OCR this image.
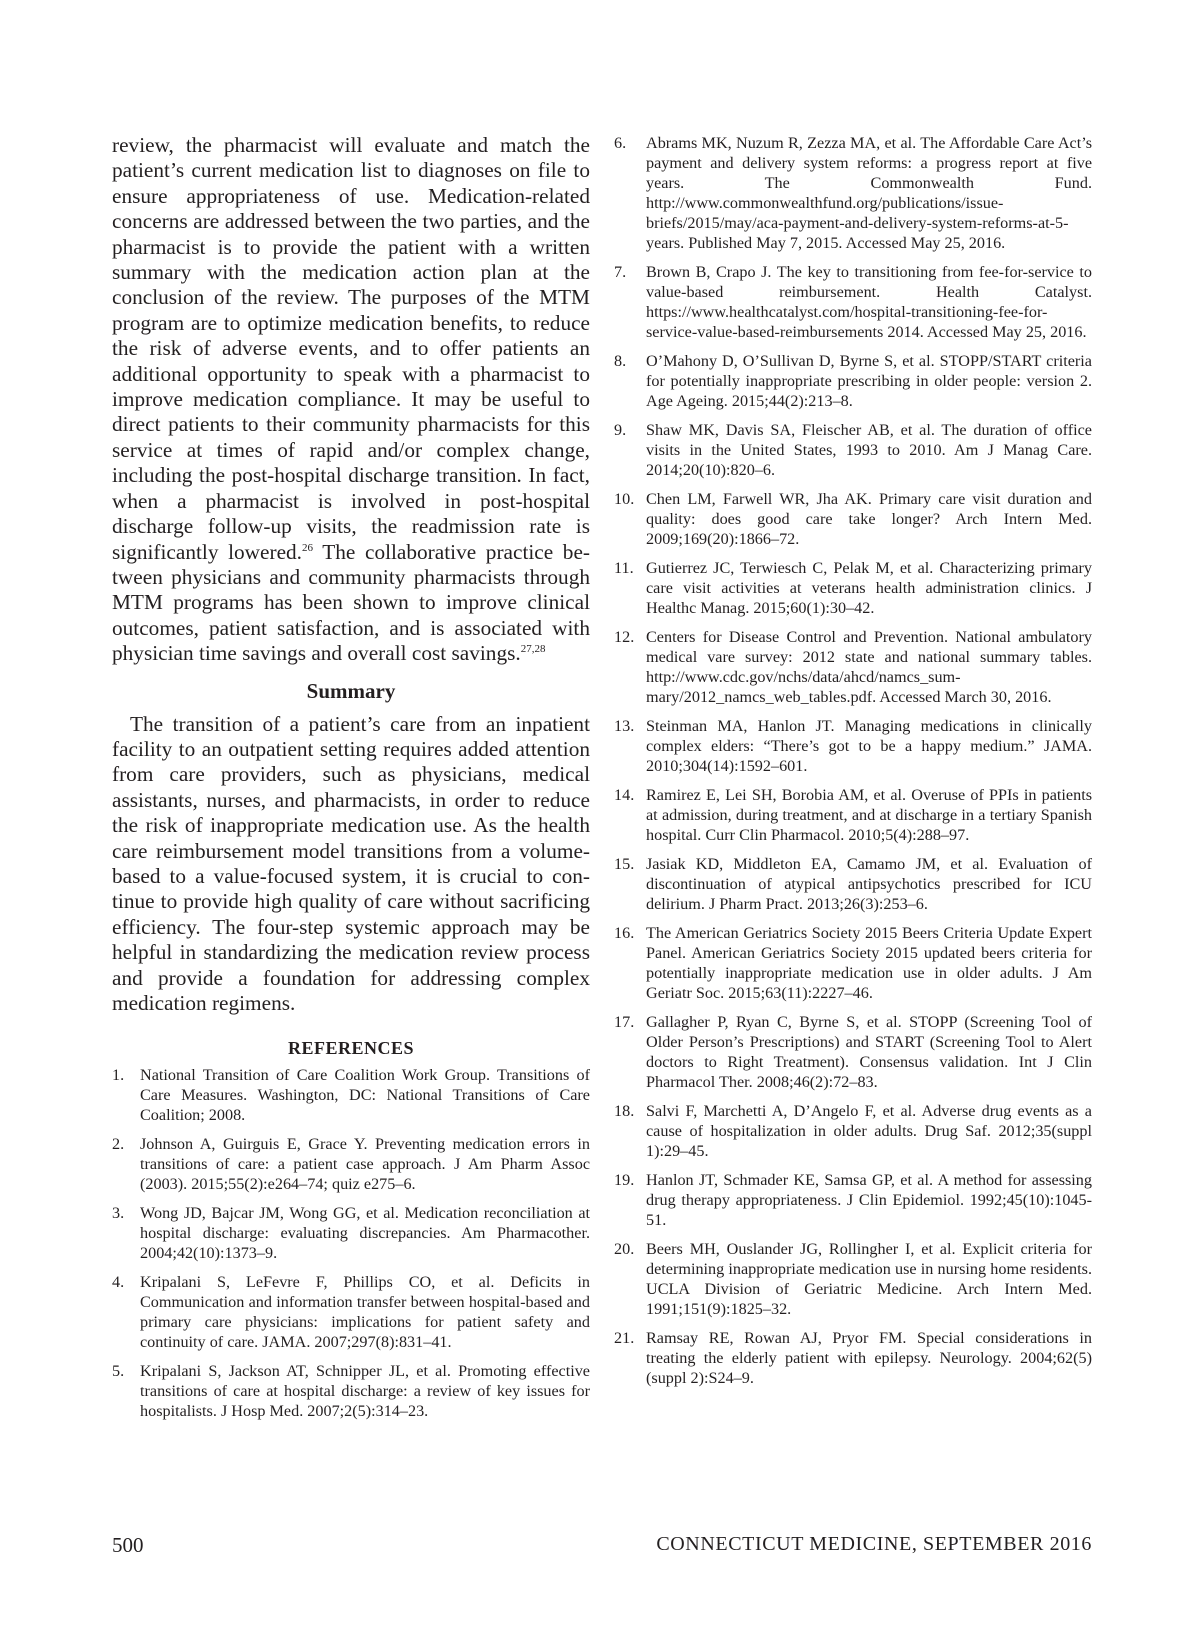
review, the pharmacist will evaluate and match the patient’s current medication list to diagnoses on file to ensure appropriateness of use. Medication-related concerns are addressed between the two parties, and the pharmacist is to provide the patient with a written summary with the medication action plan at the conclusion of the review. The purposes of the MTM program are to optimize medication benefits, to reduce the risk of adverse events, and to offer patients an additional opportunity to speak with a pharmacist to improve medication compliance. It may be useful to direct patients to their community pharmacists for this service at times of rapid and/or complex change, including the post-hospital discharge transition. In fact, when a pharmacist is involved in post-hospital discharge follow-up visits, the readmission rate is significantly lowered.$^{26}$ The collaborative practice between physicians and community pharmacists through MTM programs has been shown to improve clinical outcomes, patient satisfaction, and is associated with physician time savings and overall cost savings.$^{27,28}$

Summary

The transition of a patient’s care from an inpatient facility to an outpatient setting requires added attention from care providers, such as physicians, medical assistants, nurses, and pharmacists, in order to reduce the risk of inappropriate medication use. As the health care reimbursement model transitions from a volume-based to a value-focused system, it is crucial to continue to provide high quality of care without sacrificing efficiency. The four-step systemic approach may be helpful in standardizing the medication review process and provide a foundation for addressing complex medication regimens.

REFERENCES
1. National Transition of Care Coalition Work Group. Transitions of Care Measures. Washington, DC: National Transitions of Care Coalition; 2008.
2. Johnson A, Guirguis E, Grace Y. Preventing medication errors in transitions of care: a patient case approach. J Am Pharm Assoc (2003). 2015;55(2):e264–74; quiz e275–6.
3. Wong JD, Bajcar JM, Wong GG, et al. Medication reconciliation at hospital discharge: evaluating discrepancies. Am Pharmacother. 2004;42(10):1373–9.
4. Kripalani S, LeFevre F, Phillips CO, et al. Deficits in Communication and information transfer between hospital-based and primary care physicians: implications for patient safety and continuity of care. JAMA. 2007;297(8):831–41.
5. Kripalani S, Jackson AT, Schnipper JL, et al. Promoting effective transitions of care at hospital discharge: a review of key issues for hospitalists. J Hosp Med. 2007;2(5):314–23.
6.	Abrams MK, Nuzum R, Zezza MA, et al. The Affordable Care Act’s payment and delivery system reforms: a progress report at five years. The Commonwealth Fund. http://www.commonwealthfund.org/publications/issue-briefs/2015/may/aca-payment-and-delivery-system-reforms-at-5-years. Published May 7, 2015. Accessed May 25, 2016.
7.	Brown B, Crapo J. The key to transitioning from fee-for-service to value-based reimbursement. Health Catalyst. https://www.healthcatalyst.com/hospital-transitioning-fee-for-service-value-based-reimbursements 2014. Accessed May 25, 2016.
8.	O’Mahony D, O’Sullivan D, Byrne S, et al. STOPP/START criteria for potentially inappropriate prescribing in older people: version 2. Age Ageing. 2015;44(2):213–8.
9.	Shaw MK, Davis SA, Fleischer AB, et al. The duration of office visits in the United States, 1993 to 2010. Am J Manag Care. 2014;20(10):820–6.
10. Chen LM, Farwell WR, Jha AK. Primary care visit duration and quality: does good care take longer? Arch Intern Med. 2009;169(20):1866–72.
11. Gutierrez JC, Terwiesch C, Pelak M, et al. Characterizing primary care visit activities at veterans health administration clinics. J Healthc Manag. 2015;60(1):30–42.
12. Centers for Disease Control and Prevention. National ambulatory medical vare survey: 2012 state and national summary tables. http://www.cdc.gov/nchs/data/ahcd/namcs_summary/2012_namcs_web_tables.pdf. Accessed March 30, 2016.
13. Steinman MA, Hanlon JT. Managing medications in clinically complex elders: “There’s got to be a happy medium.” JAMA. 2010;304(14):1592–601.
14. Ramirez E, Lei SH, Borobia AM, et al. Overuse of PPIs in patients at admission, during treatment, and at discharge in a tertiary Spanish hospital. Curr Clin Pharmacol. 2010;5(4):288–97.
15. Jasiak KD, Middleton EA, Camamo JM, et al. Evaluation of discontinuation of atypical antipsychotics prescribed for ICU delirium. J Pharm Pract. 2013;26(3):253–6.
16. The American Geriatrics Society 2015 Beers Criteria Update Expert Panel. American Geriatrics Society 2015 updated beers criteria for potentially inappropriate medication use in older adults. J Am Geriatr Soc. 2015;63(11):2227–46.
17. Gallagher P, Ryan C, Byrne S, et al. STOPP (Screening Tool of Older Person’s Prescriptions) and START (Screening Tool to Alert doctors to Right Treatment). Consensus validation. Int J Clin Pharmacol Ther. 2008;46(2):72–83.
18. Salvi F, Marchetti A, D’Angelo F, et al. Adverse drug events as a cause of hospitalization in older adults. Drug Saf. 2012;35(suppl 1):29–45.
19. Hanlon JT, Schmader KE, Samsa GP, et al. A method for assessing drug therapy appropriateness. J Clin Epidemiol. 1992;45(10):1045-51.
20. Beers MH, Ouslander JG, Rollingher I, et al. Explicit criteria for determining inappropriate medication use in nursing home residents. UCLA Division of Geriatric Medicine. Arch Intern Med. 1991;151(9):1825–32.
21. Ramsay RE, Rowan AJ, Pryor FM. Special considerations in treating the elderly patient with epilepsy. Neurology. 2004;62(5)(suppl 2):S24–9.
500	CONNECTICUT MEDICINE, SEPTEMBER 2016
